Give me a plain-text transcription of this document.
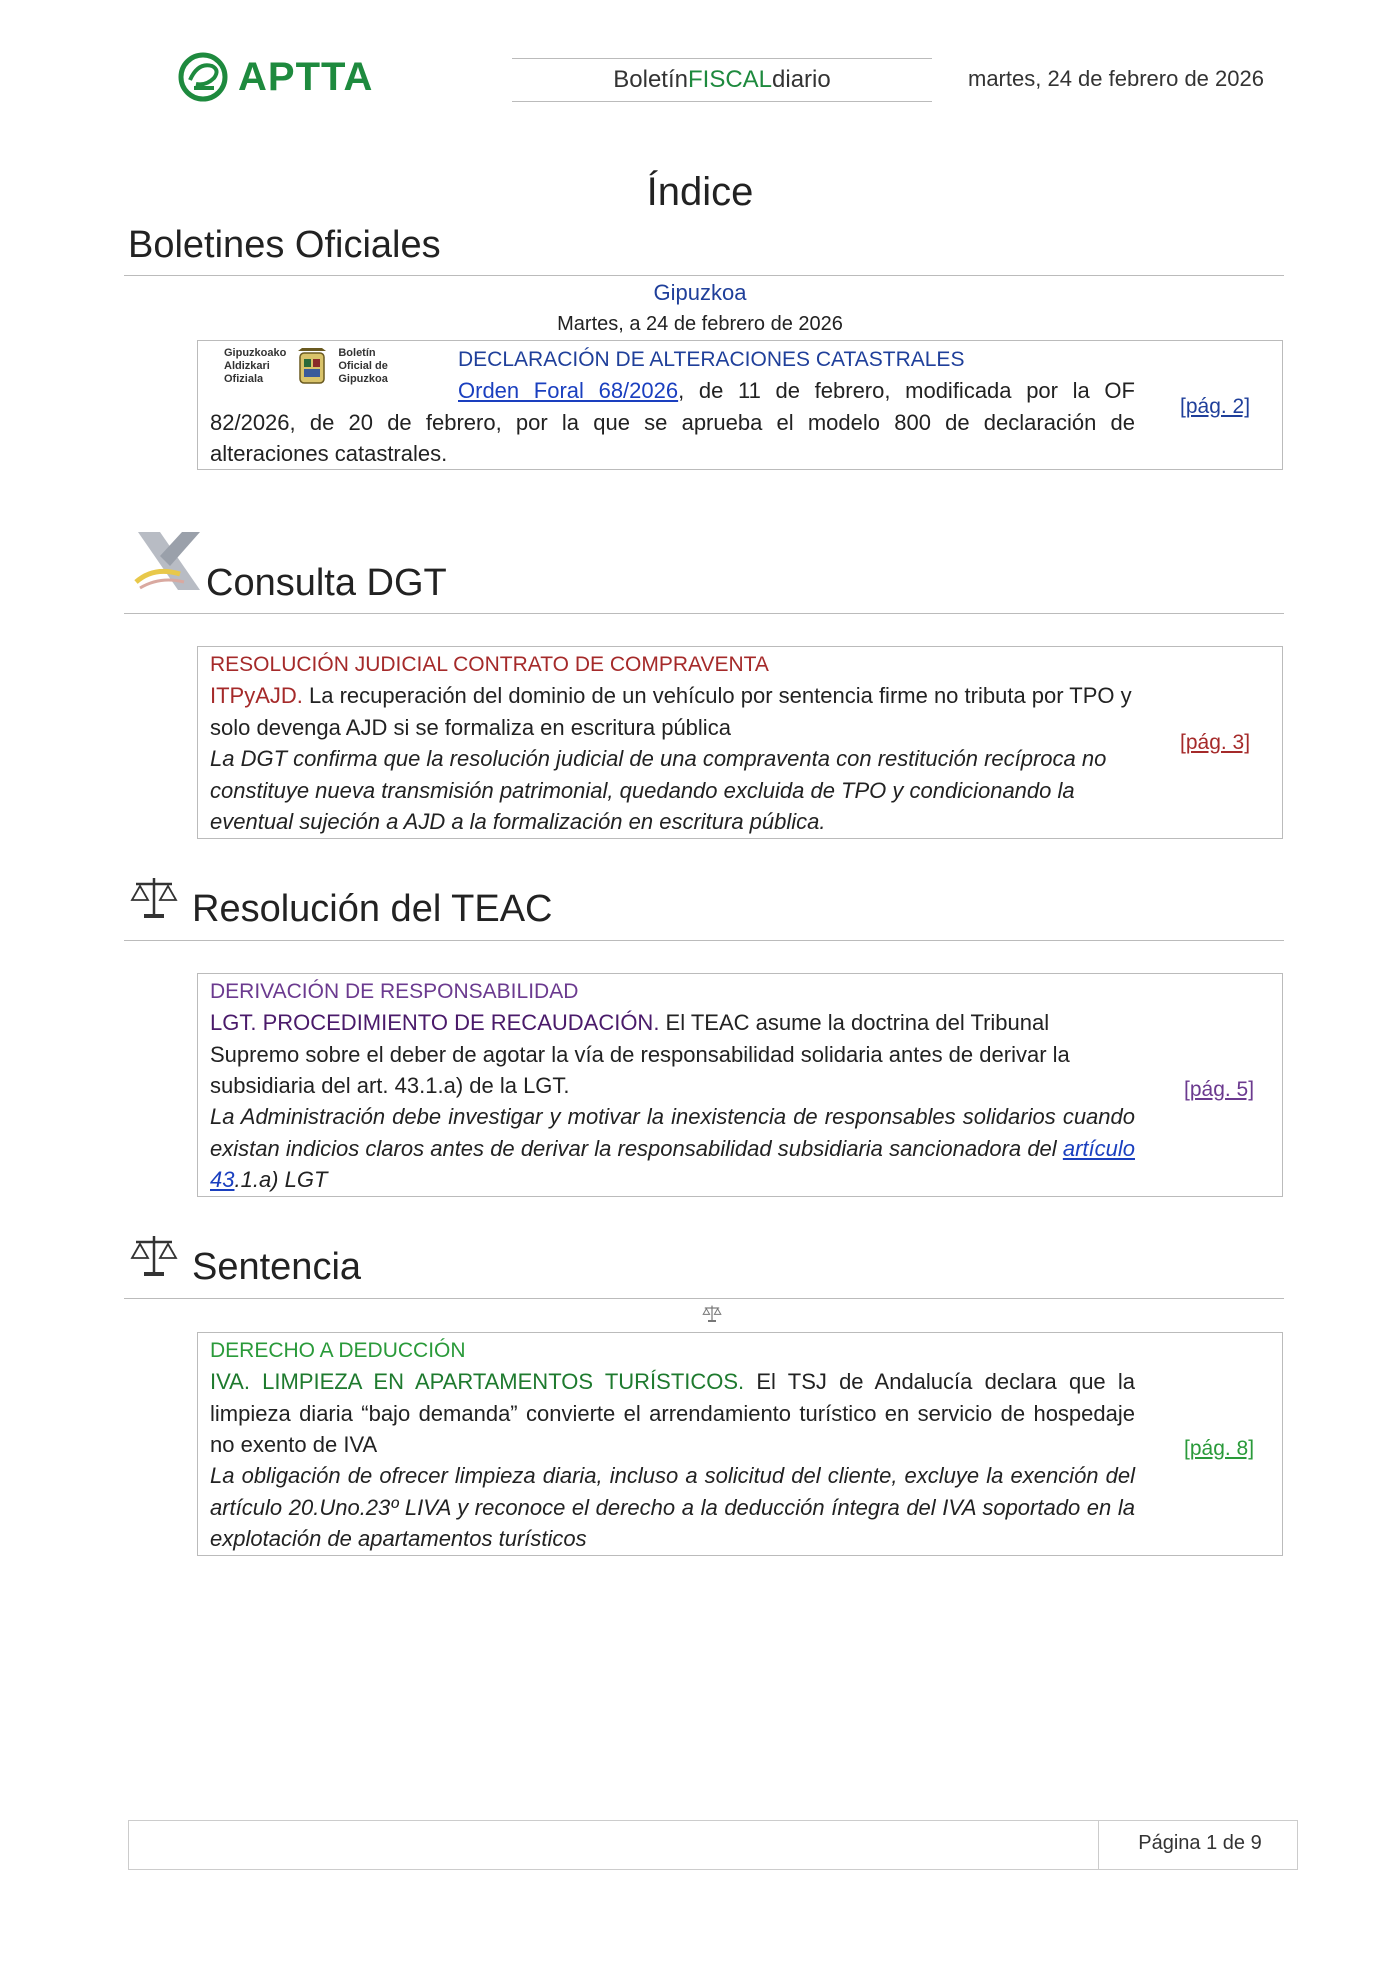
APTTA	Boletín FISCAL diario	martes, 24 de febrero de 2026
Índice
Boletines Oficiales
Gipuzkoa
Martes, a 24 de febrero de 2026
Gipuzkoako
Aldizkari
Ofiziala
Boletín
Oficial de
Gipuzkoa
DECLARACIÓN DE ALTERACIONES CATASTRALES
Orden Foral 68/2026, de 11 de febrero, modificada por la OF 82/2026, de 20 de febrero, por la que se aprueba el modelo 800 de declaración de alteraciones catastrales.
[pág. 2]
Consulta DGT
RESOLUCIÓN JUDICIAL CONTRATO DE COMPRAVENTA
ITPyAJD. La recuperación del dominio de un vehículo por sentencia firme no tributa por TPO y solo devenga AJD si se formaliza en escritura pública
La DGT confirma que la resolución judicial de una compraventa con restitución recíproca no constituye nueva transmisión patrimonial, quedando excluida de TPO y condicionando la eventual sujeción a AJD a la formalización en escritura pública.
[pág. 3]
Resolución del TEAC
DERIVACIÓN DE RESPONSABILIDAD
LGT. PROCEDIMIENTO DE RECAUDACIÓN. El TEAC asume la doctrina del Tribunal Supremo sobre el deber de agotar la vía de responsabilidad solidaria antes de derivar la subsidiaria del art. 43.1.a) de la LGT.
La Administración debe investigar y motivar la inexistencia de responsables solidarios cuando existan indicios claros antes de derivar la responsabilidad subsidiaria sancionadora del artículo 43.1.a) LGT
[pág. 5]
Sentencia
DERECHO A DEDUCCIÓN
IVA. LIMPIEZA EN APARTAMENTOS TURÍSTICOS. El TSJ de Andalucía declara que la limpieza diaria “bajo demanda” convierte el arrendamiento turístico en servicio de hospedaje no exento de IVA
La obligación de ofrecer limpieza diaria, incluso a solicitud del cliente, excluye la exención del artículo 20.Uno.23º LIVA y reconoce el derecho a la deducción íntegra del IVA soportado en la explotación de apartamentos turísticos
[pág. 8]
Página 1 de 9
